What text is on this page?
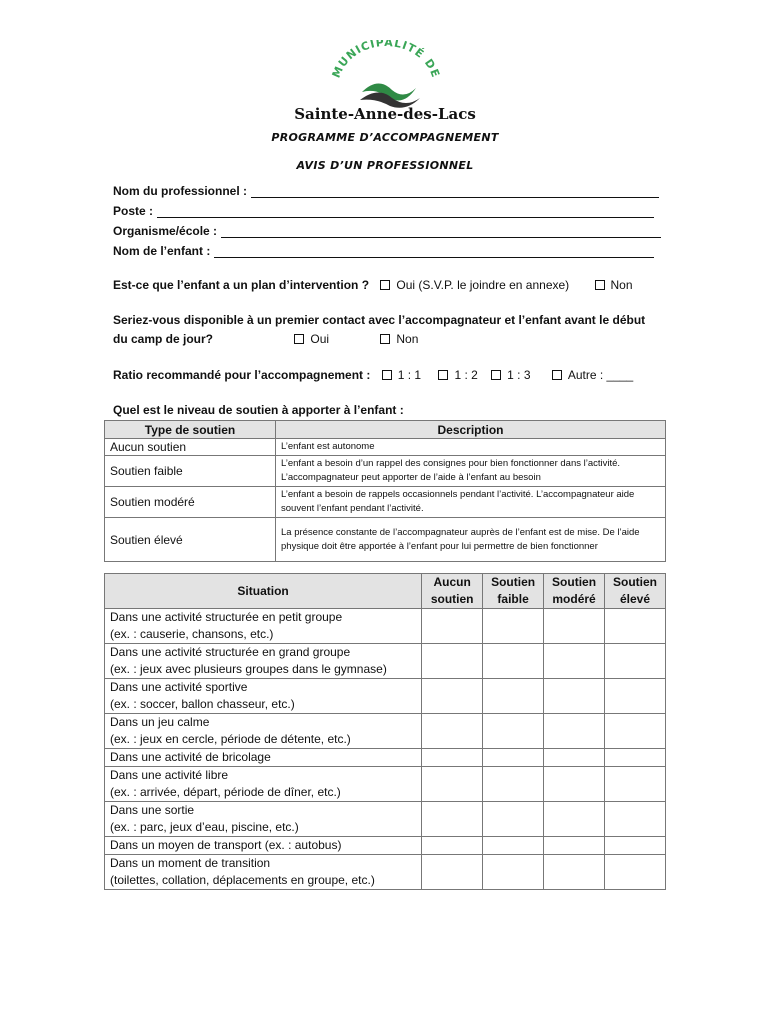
MUNICIPALITÉ DE
Sainte-Anne-des-Lacs
PROGRAMME D’ACCOMPAGNEMENT
AVIS D’UN PROFESSIONNEL
Nom du professionnel :
Poste :
Organisme/école :
Nom de l’enfant :
Est-ce que l’enfant a un plan d’intervention ? Oui (S.V.P. le joindre en annexe)	Non
Seriez-vous disponible à un premier contact avec l’accompagnateur et l’enfant avant le début
du camp de jour?	Oui	Non
Ratio recommandé pour l’accompagnement : 1 : 1	1 : 2 1 : 3	Autre : ____
Quel est le niveau de soutien à apporter à l’enfant :
Type de soutien	Description
Aucun soutien	L’enfant est autonome
Soutien faible	L’enfant a besoin d’un rappel des consignes pour bien fonctionner dans l’activité. L’accompagnateur peut apporter de l’aide à l’enfant au besoin
Soutien modéré	L’enfant a besoin de rappels occasionnels pendant l’activité. L’accompagnateur aide souvent l’enfant pendant l’activité.
Soutien élevé	La présence constante de l’accompagnateur auprès de l’enfant est de mise. De l’aide physique doit être apportée à l’enfant pour lui permettre de bien fonctionner
Situation	Aucun soutien	Soutien faible	Soutien modéré	Soutien élevé

Dans une activité structurée en petit groupe
(ex. : causerie, chansons, etc.)				

Dans une activité structurée en grand groupe
(ex. : jeux avec plusieurs groupes dans le gymnase)				

Dans une activité sportive
(ex. : soccer, ballon chasseur, etc.)				

Dans un jeu calme
(ex. : jeux en cercle, période de détente, etc.)				

Dans une activité de bricolage				

Dans une activité libre
(ex. : arrivée, départ, période de dîner, etc.)				

Dans une sortie
(ex. : parc, jeux d’eau, piscine, etc.)				

Dans un moyen de transport (ex. : autobus)				

Dans un moment de transition
(toilettes, collation, déplacements en groupe, etc.)				
